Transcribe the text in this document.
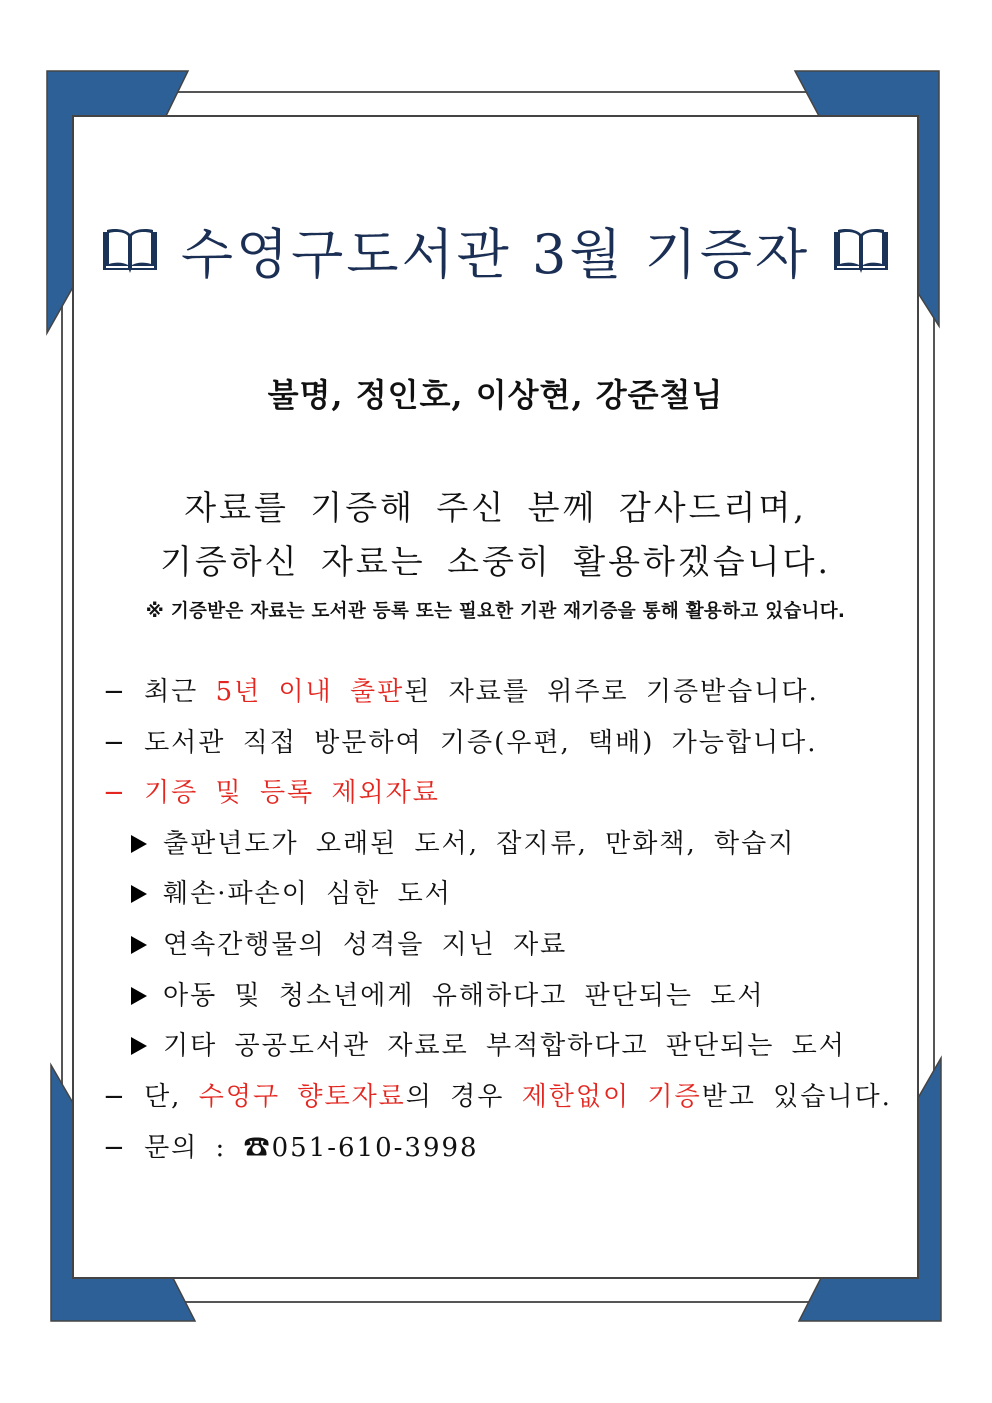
수영구도서관 3월 기증자
불명, 정인호, 이상현, 강준철님
자료를 기증해 주신 분께 감사드리며,
기증하신 자료는 소중히 활용하겠습니다.
※ 기증받은 자료는 도서관 등록 또는 필요한 기관 재기증을 통해 활용하고 있습니다.
− 최근 5년 이내 출판된 자료를 위주로 기증받습니다.
− 도서관 직접 방문하여 기증(우편, 택배) 가능합니다.
− 기증 및 등록 제외자료
출판년도가 오래된 도서, 잡지류, 만화책, 학습지
훼손·파손이 심한 도서
연속간행물의 성격을 지닌 자료
아동 및 청소년에게 유해하다고 판단되는 도서
기타 공공도서관 자료로 부적합하다고 판단되는 도서
− 단, 수영구 향토자료의 경우 제한없이 기증받고 있습니다.
− 문의 : ☎051-610-3998
